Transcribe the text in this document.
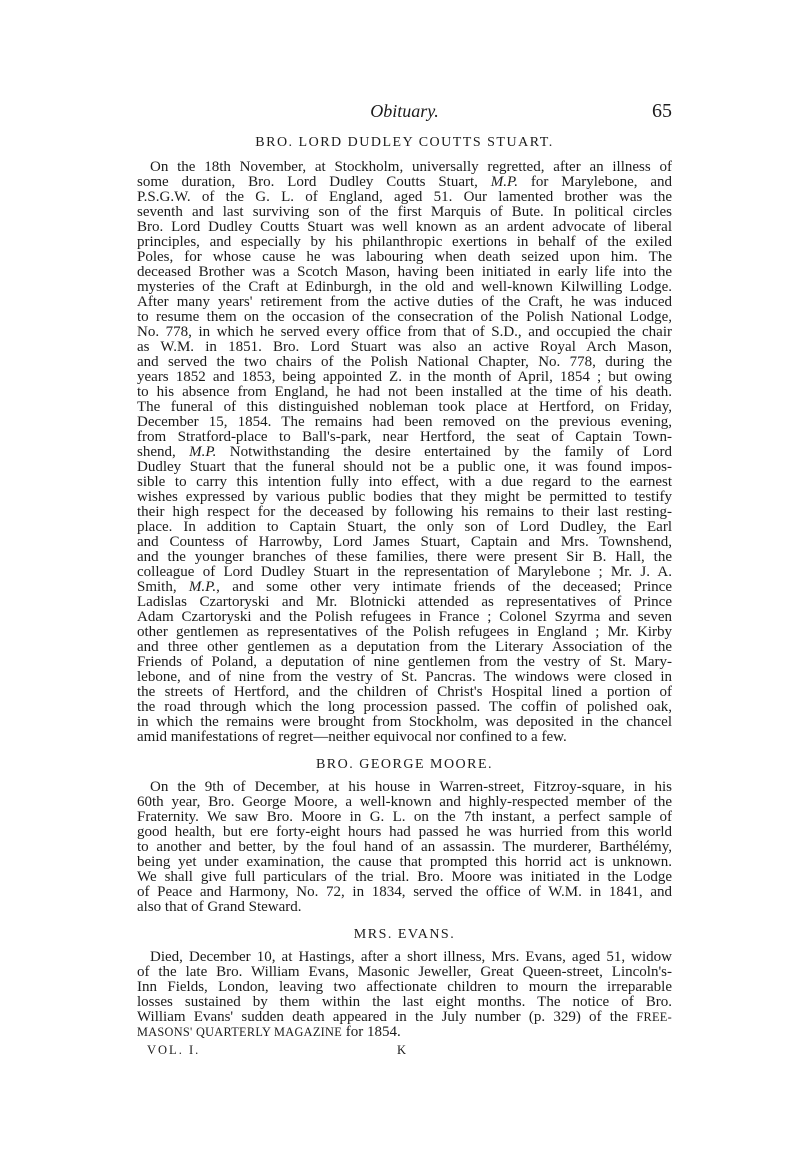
Obituary.	65
BRO. LORD DUDLEY COUTTS STUART.
On the 18th November, at Stockholm, universally regretted, after an illness of
some duration, Bro. Lord Dudley Coutts Stuart, M.P. for Marylebone, and
P.S.G.W. of the G. L. of England, aged 51. Our lamented brother was the
seventh and last surviving son of the first Marquis of Bute. In political circles
Bro. Lord Dudley Coutts Stuart was well known as an ardent advocate of liberal
principles, and especially by his philanthropic exertions in behalf of the exiled
Poles, for whose cause he was labouring when death seized upon him. The
deceased Brother was a Scotch Mason, having been initiated in early life into the
mysteries of the Craft at Edinburgh, in the old and well-known Kilwilling Lodge.
After many years' retirement from the active duties of the Craft, he was induced
to resume them on the occasion of the consecration of the Polish National Lodge,
No. 778, in which he served every office from that of S.D., and occupied the chair
as W.M. in 1851. Bro. Lord Stuart was also an active Royal Arch Mason,
and served the two chairs of the Polish National Chapter, No. 778, during the
years 1852 and 1853, being appointed Z. in the month of April, 1854 ; but owing
to his absence from England, he had not been installed at the time of his death.
The funeral of this distinguished nobleman took place at Hertford, on Friday,
December 15, 1854. The remains had been removed on the previous evening,
from Stratford-place to Ball's-park, near Hertford, the seat of Captain Town-
shend, M.P. Notwithstanding the desire entertained by the family of Lord
Dudley Stuart that the funeral should not be a public one, it was found impos-
sible to carry this intention fully into effect, with a due regard to the earnest
wishes expressed by various public bodies that they might be permitted to testify
their high respect for the deceased by following his remains to their last resting-
place. In addition to Captain Stuart, the only son of Lord Dudley, the Earl
and Countess of Harrowby, Lord James Stuart, Captain and Mrs. Townshend,
and the younger branches of these families, there were present Sir B. Hall, the
colleague of Lord Dudley Stuart in the representation of Marylebone ; Mr. J. A.
Smith, M.P., and some other very intimate friends of the deceased; Prince
Ladislas Czartoryski and Mr. Blotnicki attended as representatives of Prince
Adam Czartoryski and the Polish refugees in France ; Colonel Szyrma and seven
other gentlemen as representatives of the Polish refugees in England ; Mr. Kirby
and three other gentlemen as a deputation from the Literary Association of the
Friends of Poland, a deputation of nine gentlemen from the vestry of St. Mary-
lebone, and of nine from the vestry of St. Pancras. The windows were closed in
the streets of Hertford, and the children of Christ's Hospital lined a portion of
the road through which the long procession passed. The coffin of polished oak,
in which the remains were brought from Stockholm, was deposited in the chancel
amid manifestations of regret—neither equivocal nor confined to a few.
BRO. GEORGE MOORE.
On the 9th of December, at his house in Warren-street, Fitzroy-square, in his
60th year, Bro. George Moore, a well-known and highly-respected member of the
Fraternity. We saw Bro. Moore in G. L. on the 7th instant, a perfect sample of
good health, but ere forty-eight hours had passed he was hurried from this world
to another and better, by the foul hand of an assassin. The murderer, Barthélémy,
being yet under examination, the cause that prompted this horrid act is unknown.
We shall give full particulars of the trial. Bro. Moore was initiated in the Lodge
of Peace and Harmony, No. 72, in 1834, served the office of W.M. in 1841, and
also that of Grand Steward.
MRS. EVANS.
Died, December 10, at Hastings, after a short illness, Mrs. Evans, aged 51, widow
of the late Bro. William Evans, Masonic Jeweller, Great Queen-street, Lincoln's-
Inn Fields, London, leaving two affectionate children to mourn the irreparable
losses sustained by them within the last eight months. The notice of Bro.
William Evans' sudden death appeared in the July number (p. 329) of the FREE-
MASONS' QUARTERLY MAGAZINE for 1854.
VOL. I.	K
